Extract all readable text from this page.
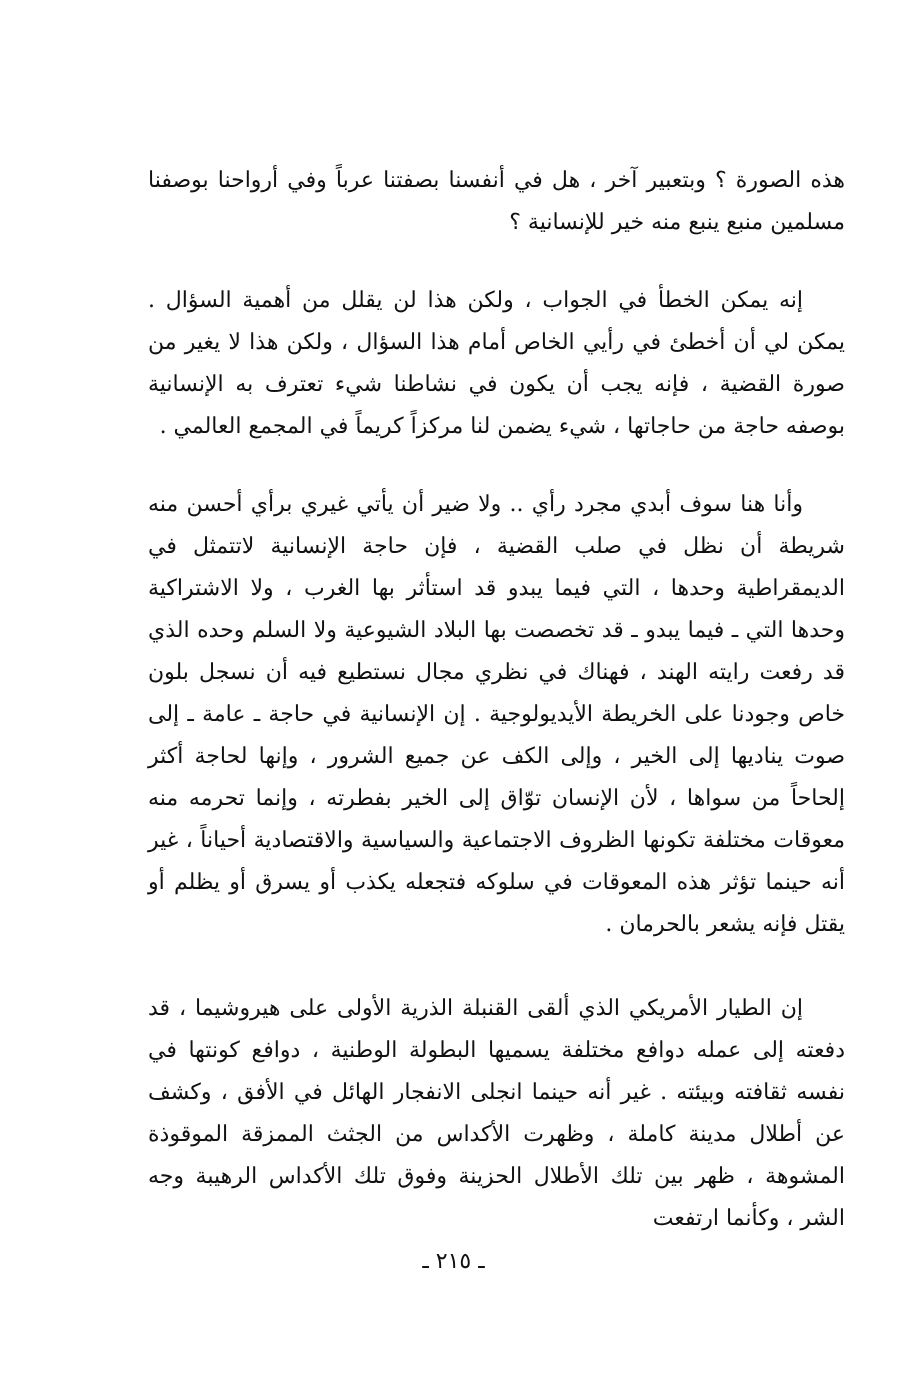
هذه الصورة ؟ وبتعبير آخر ، هل في أنفسنا بصفتنا عرباً وفي أرواحنا بوصفنا مسلمين منبع ينبع منه خير للإنسانية ؟

إنه يمكن الخطأ في الجواب ، ولكن هذا لن يقلل من أهمية السؤال . يمكن لي أن أخطئ في رأيي الخاص أمام هذا السؤال ، ولكن هذا لا يغير من صورة القضية ، فإنه يجب أن يكون في نشاطنا شيء تعترف به الإنسانية بوصفه حاجة من حاجاتها ، شيء يضمن لنا مركزاً كريماً في المجمع العالمي .

وأنا هنا سوف أبدي مجرد رأي .. ولا ضير أن يأتي غيري برأي أحسن منه شريطة أن نظل في صلب القضية ، فإن حاجة الإنسانية لاتتمثل في الديمقراطية وحدها ، التي فيما يبدو قد استأثر بها الغرب ، ولا الاشتراكية وحدها التي ـ فيما يبدو ـ قد تخصصت بها البلاد الشيوعية ولا السلم وحده الذي قد رفعت رايته الهند ، فهناك في نظري مجال نستطيع فيه أن نسجل بلون خاص وجودنا على الخريطة الأيديولوجية . إن الإنسانية في حاجة ـ عامة ـ إلى صوت يناديها إلى الخير ، وإلى الكف عن جميع الشرور ، وإنها لحاجة أكثر إلحاحاً من سواها ، لأن الإنسان توّاق إلى الخير بفطرته ، وإنما تحرمه منه معوقات مختلفة تكونها الظروف الاجتماعية والسياسية والاقتصادية أحياناً ، غير أنه حينما تؤثر هذه المعوقات في سلوكه فتجعله يكذب أو يسرق أو يظلم أو يقتل فإنه يشعر بالحرمان .

إن الطيار الأمريكي الذي ألقى القنبلة الذرية الأولى على هيروشيما ، قد دفعته إلى عمله دوافع مختلفة يسميها البطولة الوطنية ، دوافع كونتها في نفسه ثقافته وبيئته . غير أنه حينما انجلى الانفجار الهائل في الأفق ، وكشف عن أطلال مدينة كاملة ، وظهرت الأكداس من الجثث الممزقة الموقوذة المشوهة ، ظهر بين تلك الأطلال الحزينة وفوق تلك الأكداس الرهيبة وجه الشر ، وكأنما ارتفعت

ـ ٢١٥ ـ
